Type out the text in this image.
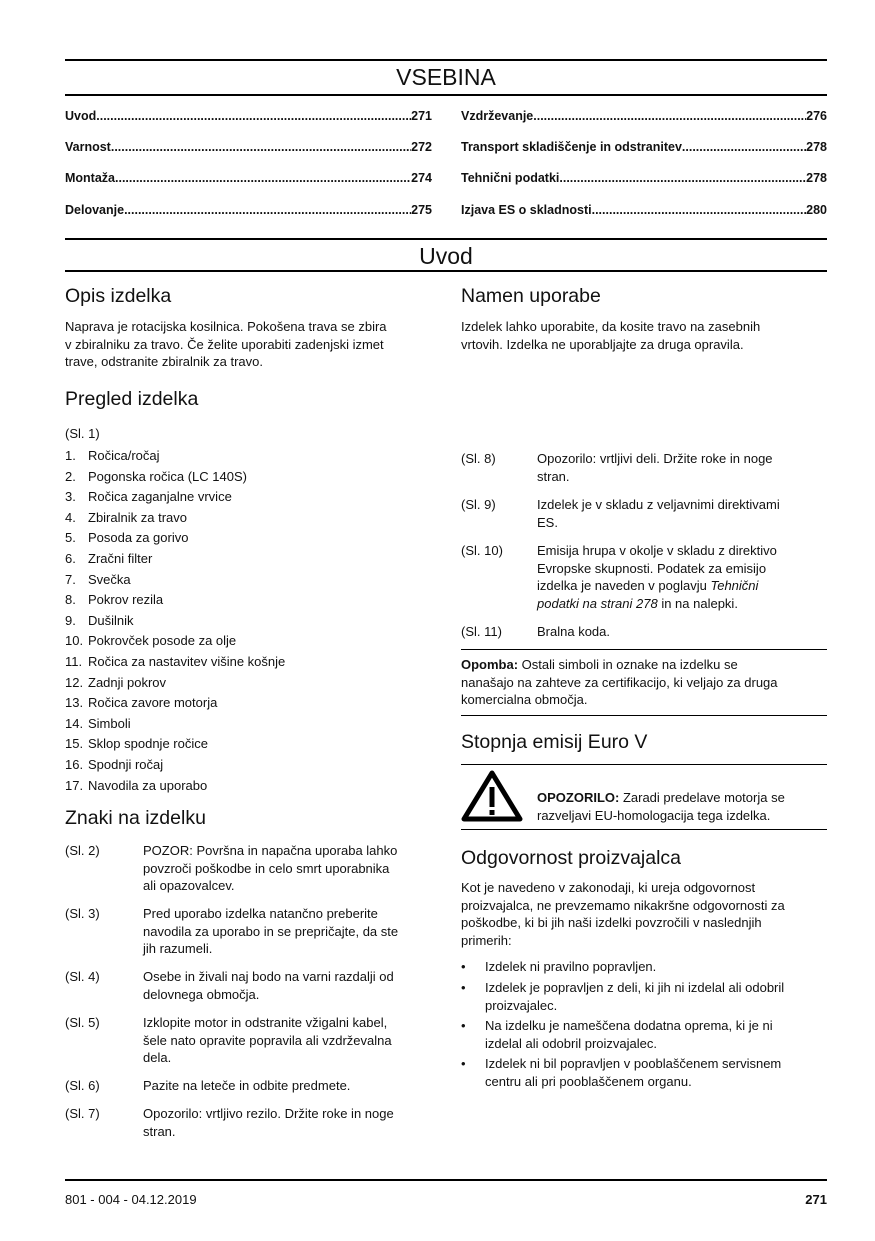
VSEBINA
Uvod .....	271
Varnost .....	272
Montaža .....	274
Delovanje .....	275
Vzdrževanje .....	276
Transport skladiščenje in odstranitev .....	278
Tehnični podatki .....	278
Izjava ES o skladnosti .....	280
Uvod
Opis izdelka
Naprava je rotacijska kosilnica. Pokošena trava se zbira
v zbiralniku za travo. Če želite uporabiti zadenjski izmet
trave, odstranite zbiralnik za travo.
Pregled izdelka
(Sl. 1)
1. Ročica/ročaj
2. Pogonska ročica (LC 140S)
3. Ročica zaganjalne vrvice
4. Zbiralnik za travo
5. Posoda za gorivo
6. Zračni filter
7. Svečka
8. Pokrov rezila
9. Dušilnik
10. Pokrovček posode za olje
11. Ročica za nastavitev višine košnje
12. Zadnji pokrov
13. Ročica zavore motorja
14. Simboli
15. Sklop spodnje ročice
16. Spodnji ročaj
17. Navodila za uporabo
Znaki na izdelku
(Sl. 2)	POZOR: Površna in napačna uporaba lahko
povzroči poškodbe in celo smrt uporabnika
ali opazovalcev.
(Sl. 3)	Pred uporabo izdelka natančno preberite
navodila za uporabo in se prepričajte, da ste
jih razumeli.
(Sl. 4)	Osebe in živali naj bodo na varni razdalji od
delovnega območja.
(Sl. 5)	Izklopite motor in odstranite vžigalni kabel,
šele nato opravite popravila ali vzdrževalna
dela.
(Sl. 6)	Pazite na leteče in odbite predmete.
(Sl. 7)	Opozorilo: vrtljivo rezilo. Držite roke in noge
stran.
Namen uporabe
Izdelek lahko uporabite, da kosite travo na zasebnih
vrtovih. Izdelka ne uporabljajte za druga opravila.
(Sl. 8)	Opozorilo: vrtljivi deli. Držite roke in noge
stran.
(Sl. 9)	Izdelek je v skladu z veljavnimi direktivami
ES.
(Sl. 10)	Emisija hrupa v okolje v skladu z direktivo
Evropske skupnosti. Podatek za emisijo
izdelka je naveden v poglavju Tehnični
podatki na strani 278 in na nalepki.
(Sl. 11)	Bralna koda.
Opomba: Ostali simboli in oznake na izdelku se
nanašajo na zahteve za certifikacijo, ki veljajo za druga
komercialna območja.
Stopnja emisij Euro V
OPOZORILO: Zaradi predelave motorja se
razveljavi EU-homologacija tega izdelka.
Odgovornost proizvajalca
Kot je navedeno v zakonodaji, ki ureja odgovornost
proizvajalca, ne prevzemamo nikakršne odgovornosti za
poškodbe, ki bi jih naši izdelki povzročili v naslednjih
primerih:
• Izdelek ni pravilno popravljen.
• Izdelek je popravljen z deli, ki jih ni izdelal ali odobril
proizvajalec.
• Na izdelku je nameščena dodatna oprema, ki je ni
izdelal ali odobril proizvajalec.
• Izdelek ni bil popravljen v pooblaščenem servisnem
centru ali pri pooblaščenem organu.
801 - 004 - 04.12.2019	271
